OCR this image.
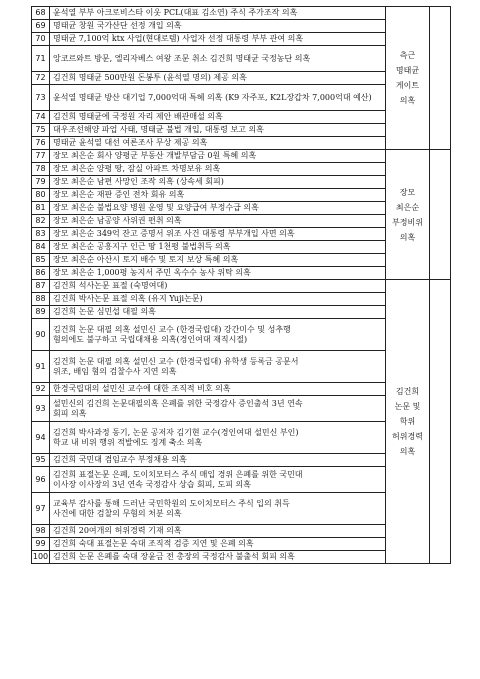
68	윤석열 부부 아크로비스타 이웃 PCL(대표 김소연) 주식 주가조작 의혹	측근
명태균
게이트
의혹	

69	명태균 창원 국가산단 선정 개입 의혹		

70	명태균 7,100억 ktx 사업(현대로템) 사업자 선정 대통령 부부 관여 의혹		

71	앙코르와트 방문, 엘리자베스 여왕 조문 취소 김건희 명태균 국정농단 의혹		

72	김건희 명태균 500만원 돈봉투 (윤석열 명의) 제공 의혹		

73	윤석열 명태균 방산 대기업 7,000억대 특혜 의혹 (K9 자주포, K2L장갑차 7,000억대 예산)		

74	김건희 명태균에 국정원 자리 제안 배관매설 의혹		

75	대우조선해양 파업 사태, 명태균 불법 개입, 대통령 보고 의혹		

76	명태균 윤석열 대선 여론조사 무상 제공 의혹		

77	장모 최은순 회사 양평군 부동산 개발부담금 0원 특혜 의혹	장모
최은순
부정비위
의혹	

78	장모 최은순 양평 땅, 잠실 아파트 차명보유 의혹		

79	장모 최은순 남편 사망인 조작 의혹 (상속세 회피)		

80	장모 최은순 재판 증인 전차 회유 의혹		

81	장모 최은순 불법요양 병원 운영 및 요양급여 부정수급 의혹		

82	장모 최은순 남공양 사위권 편취 의혹		

83	장모 최은순 349억 잔고 증명서 위조 사건 대통령 부부개입 사면 의혹		

84	장모 최은순 공흥지구 인근 땅 1천평 불법취득 의혹		

85	장모 최은순 아산시 토지 배수 및 토지 보상 특혜 의혹		

86	장모 최은순 1,000평 농지서 주민 옥수수 농사 위탁 의혹		

87	김건희 석사논문 표절 (숙명여대)	김건희
논문 및
학위
허위경력
의혹	

88	김건희 박사논문 표절 의혹 (유지 Yuji논문)		

89	김건희 논문 심민섭 대필 의혹		

90	김건희 논문 대필 의혹 설민신 교수 (한경국립대) 강간미수 및 성추행
혐의에도 불구하고 국립대채용 의혹(경인여대 재직시절)		

91	김건희 논문 대필 의혹 설민신 교수 (한경국립대) 유학생 등록금 공문서
위조, 배임 혐의 검찰수사 지연 의혹		

92	한경국립대의 설민신 교수에 대한 조직적 비호 의혹		

93	설민신의 김건희 논문대필의혹 은폐를 위한 국정감사 증인출석 3년 연속
회피 의혹		

94	김건희 박사과정 동기, 논문 공저자 김기현 교수(경인여대 설민신 부인)
학교 내 비위 행위 적발에도 징계 축소 의혹		

95	김건희 국민대 겸임교수 부정채용 의혹		

96	김건희 표절논문 은폐, 도이치모터스 주식 매입 경위 은폐를 위한 국민대
이사장 이사장의 3년 연속 국정감사 상습 회피, 도피 의혹		

97	교육부 감사를 통해 드러난 국민학원의 도이치모터스 주식 입의 취득
사건에 대한 검찰의 무혐의 처분 의혹		

98	김건희 20여개의 허위경력 기재 의혹		

99	김건희 숙대 표절논문 숙대 조직적 검증 지연 및 은폐 의혹		

100	김건희 논문 은폐를 숙대 장윤금 전 총장의 국정감사 불출석 회피 의혹		
